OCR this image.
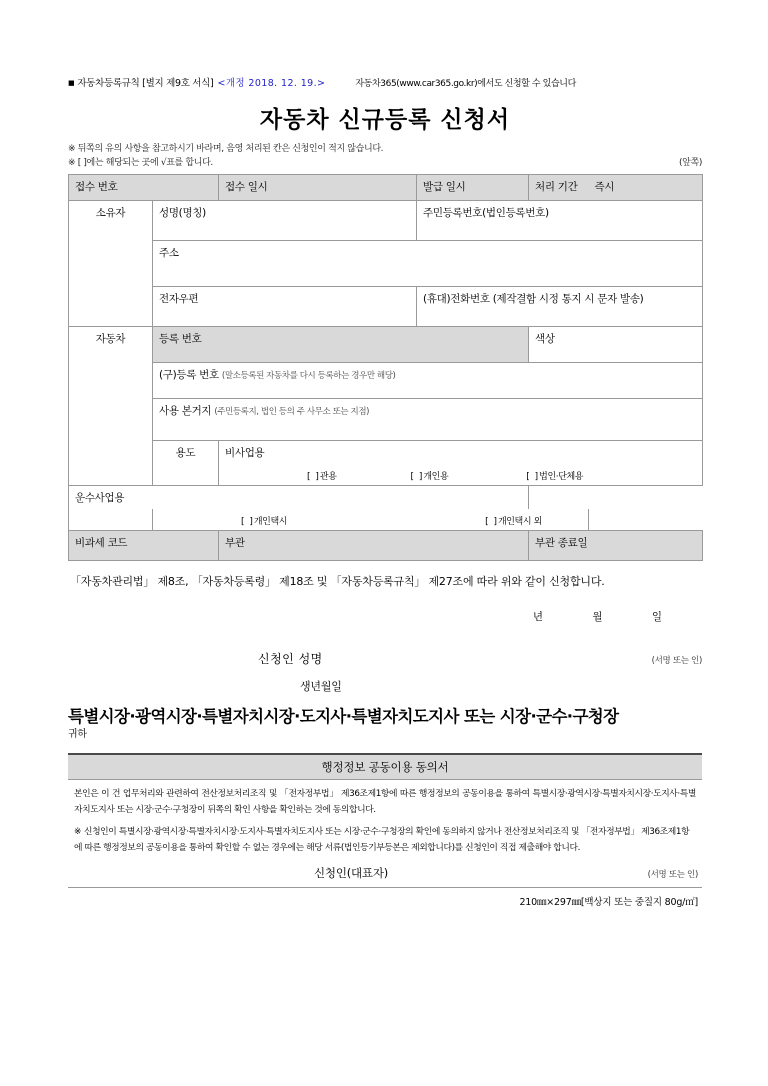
■ 자동차등록규칙 [별지 제9호 서식] <개정 2018. 12. 19.>	자동차365(www.car365.go.kr)에서도 신청할 수 있습니다
자동차 신규등록 신청서
※ 뒤쪽의 유의 사항을 참고하시기 바라며, 음영 처리된 칸은 신청인이 적지 않습니다.
※ [ ]에는 해당되는 곳에 √표를 합니다.	(앞쪽)
접수 번호		접수 일시	발급 일시	처리 기간	즉시
소유자	성명(명칭)		주민등록번호(법인등록번호)		
	주소				
	전자우편		(휴대)전화번호 (제작결함 시정 통지 시 문자 발송)		
자동차	등록 번호			색상	
	(구)등록 번호 (말소등록된 자동차를 다시 등록하는 경우만 해당)				
	사용 본거지 (주민등록지, 법인 등의 주 사무소 또는 지점)				
	용도	비사업용			

		[ ]관용 [ ]개인용 [ ]법인·단체용			

운수사업용					

	[ ]개인택시 [ ]개인택시 외				

비과세 코드		부관		부관 종료일	
「자동차관리법」 제8조, 「자동차등록령」 제18조 및 「자동차등록규칙」 제27조에 따라 위와 같이 신청합니다.
년	월	일
신청인 성명	(서명 또는 인)
생년월일
특별시장·광역시장·특별자치시장·도지사·특별자치도지사 또는 시장·군수·구청장
귀하
행정정보 공동이용 동의서
본인은 이 건 업무처리와 관련하여 전산정보처리조직 및 「전자정부법」 제36조제1항에 따른 행정정보의 공동이용을 통하여 특별시장·광역시장·특별자치시장·도지사·특별자치도지사 또는 시장·군수·구청장이 뒤쪽의 확인 사항을 확인하는 것에 동의합니다.
※ 신청인이 특별시장·광역시장·특별자치시장·도지사·특별자치도지사 또는 시장·군수·구청장의 확인에 동의하지 않거나 전산정보처리조직 및 「전자정부법」 제36조제1항에 따른 행정정보의 공동이용을 통하여 확인할 수 없는 경우에는 해당 서류(법인등기부등본은 제외합니다)를 신청인이 직접 제출해야 합니다.
신청인(대표자)	(서명 또는 인)
210㎜×297㎜[백상지 또는 중질지 80g/㎡]
